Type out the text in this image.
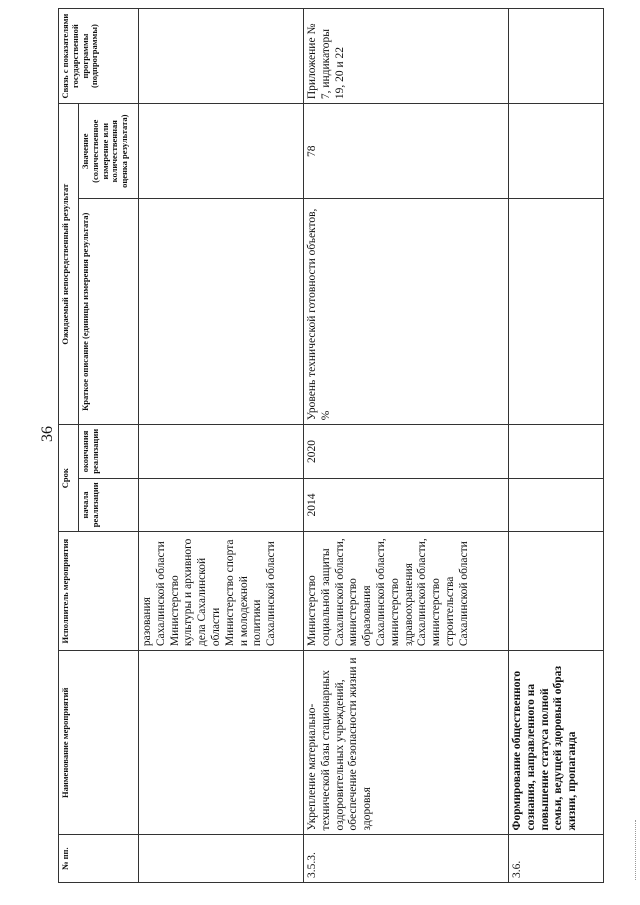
36
№ пп.	Наименование мероприятий	Исполнитель мероприятия	Срок		Ожидаемый непосредственный результат		Связь с показателями государственной программы (подпрограммы)
			начала реализации	окончания реализации	Краткое описание (единицы измерения результата)	Значение (соличественное измерение или количественная оценка результата)	
		разования Сахалинской области Министерство культуры и архивного дела Сахалинской области Министерство спорта и молодежной политики Сахалинской области					
3.5.3.	Укрепление материально-технической базы стационарных оздоровительных учреждений, обеспечение безопасности жизни и здоровья	Министерство социальной защиты Сахалинской области, министерство образования Сахалинской области, министерство здравоохранения Сахалинской области, министерство строительства Сахалинской области	2014	2020	Уровень технической готовности объектов, %	78	Приложение № 7, индикаторы 19, 20 и 22
3.6.	Формирование общественного сознания, направленного на повышение статуса полной семьи, ведущей здоровый образ жизни, пропаганда						
